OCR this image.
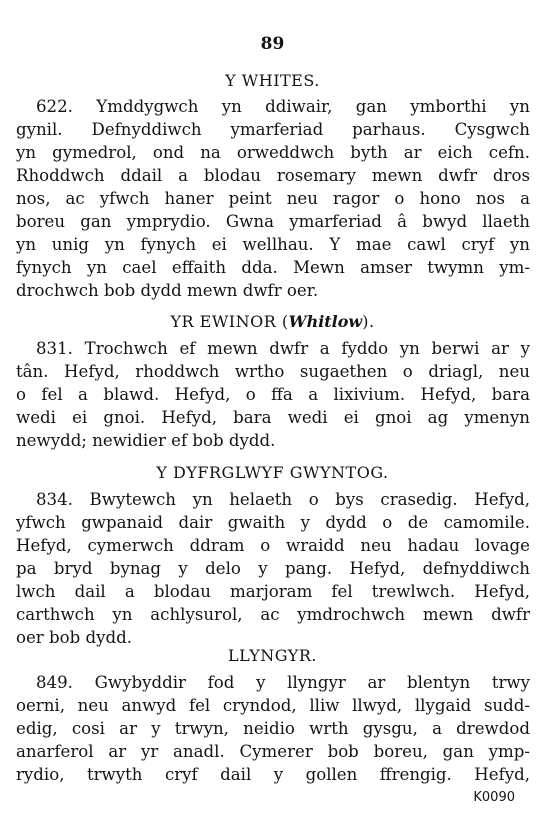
89
Y WHITES.
622. Ymddygwch yn ddiwair, gan ymborthi yn
gynil. Defnyddiwch ymarferiad parhaus. Cysgwch
yn gymedrol, ond na orweddwch byth ar eich cefn.
Rhoddwch ddail a blodau rosemary mewn dwfr dros
nos, ac yfwch haner peint neu ragor o hono nos a
boreu gan ymprydio. Gwna ymarferiad â bwyd llaeth
yn unig yn fynych ei wellhau. Y mae cawl cryf yn
fynych yn cael effaith dda. Mewn amser twymn ym-
drochwch bob dydd mewn dwfr oer.
YR EWINOR (Whitlow).
831. Trochwch ef mewn dwfr a fyddo yn berwi ar y
tân. Hefyd, rhoddwch wrtho sugaethen o driagl, neu
o fel a blawd. Hefyd, o ffa a lixivium. Hefyd, bara
wedi ei gnoi. Hefyd, bara wedi ei gnoi ag ymenyn
newydd; newidier ef bob dydd.
Y DYFRGLWYF GWYNTOG.
834. Bwytewch yn helaeth o bys crasedig. Hefyd,
yfwch gwpanaid dair gwaith y dydd o de camomile.
Hefyd, cymerwch ddram o wraidd neu hadau lovage
pa bryd bynag y delo y pang. Hefyd, defnyddiwch
lwch dail a blodau marjoram fel trewlwch. Hefyd,
carthwch yn achlysurol, ac ymdrochwch mewn dwfr
oer bob dydd.
LLYNGYR.
849. Gwybyddir fod y llyngyr ar blentyn trwy
oerni, neu anwyd fel cryndod, lliw llwyd, llygaid sudd-
edig, cosi ar y trwyn, neidio wrth gysgu, a drewdod
anarferol ar yr anadl. Cymerer bob boreu, gan ymp-
rydio, trwyth cryf dail y gollen ffrengig. Hefyd,
K0090
